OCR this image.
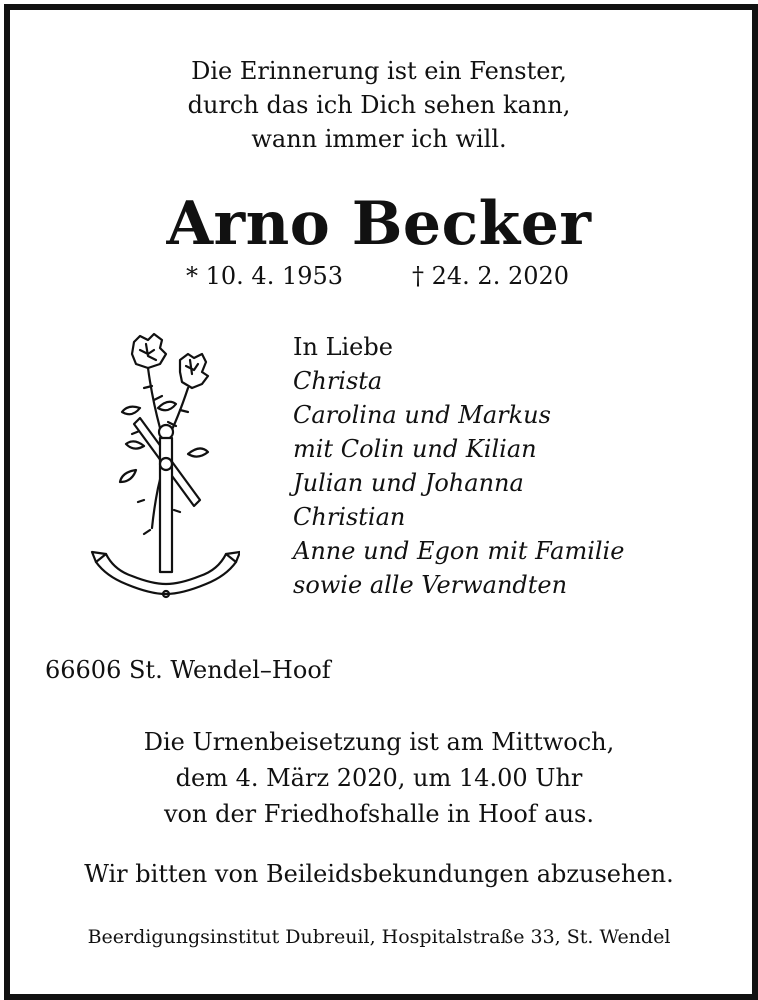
Die Erinnerung ist ein Fenster,
durch das ich Dich sehen kann,
wann immer ich will.
Arno Becker
* 10. 4. 1953	† 24. 2. 2020
In Liebe
Christa
Carolina und Markus
mit Colin und Kilian
Julian und Johanna
Christian
Anne und Egon mit Familie
sowie alle Verwandten
66606 St. Wendel–Hoof
Die Urnenbeisetzung ist am Mittwoch,
dem 4. März 2020, um 14.00 Uhr
von der Friedhofshalle in Hoof aus.
Wir bitten von Beileidsbekundungen abzusehen.
Beerdigungsinstitut Dubreuil, Hospitalstraße 33, St. Wendel
